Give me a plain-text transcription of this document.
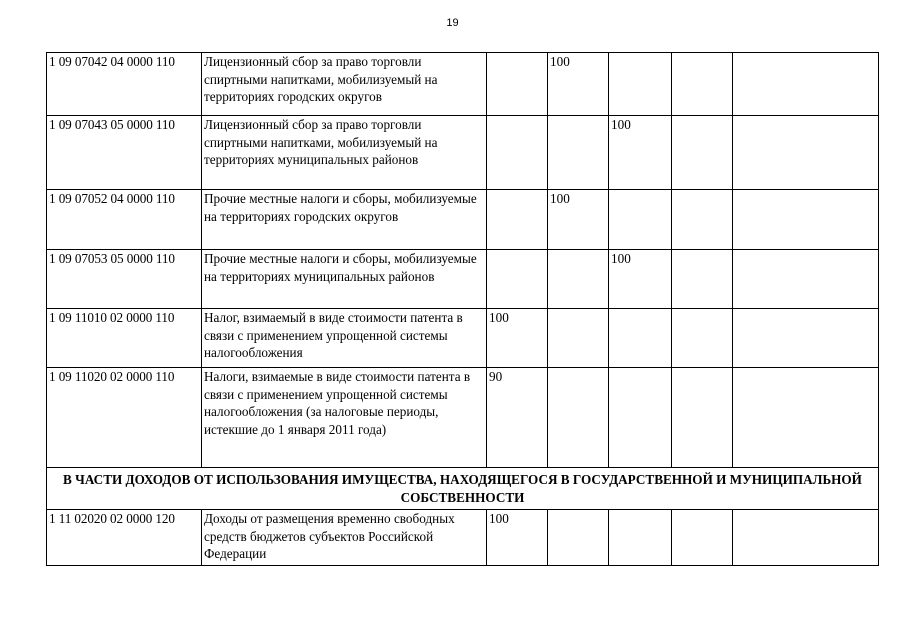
19
1 09 07042 04 0000 110	Лицензионный сбор за право торговли спиртными напитками, мобилизуемый на территориях городских округов		100			
1 09 07043 05 0000 110	Лицензионный сбор за право торговли спиртными напитками, мобилизуемый на территориях муниципальных районов			100		
1 09 07052 04 0000 110	Прочие местные налоги и сборы, мобилизуемые на территориях городских округов		100			
1 09 07053 05 0000 110	Прочие местные налоги и сборы, мобилизуемые на территориях муниципальных районов			100		
1 09 11010 02 0000 110	Налог, взимаемый в виде стоимости патента в связи с применением упрощенной системы налогообложения	100				
1 09 11020 02 0000 110	Налоги, взимаемые в виде стоимости патента в связи с применением упрощенной системы налогообложения (за налоговые периоды, истекшие до 1 января 2011 года)	90				
В ЧАСТИ ДОХОДОВ ОТ ИСПОЛЬЗОВАНИЯ ИМУЩЕСТВА, НАХОДЯЩЕГОСЯ В ГОСУДАРСТВЕННОЙ И МУНИЦИПАЛЬНОЙ СОБСТВЕННОСТИ						
1 11 02020 02 0000 120	Доходы от размещения временно свободных средств бюджетов субъектов Российской Федерации	100				
